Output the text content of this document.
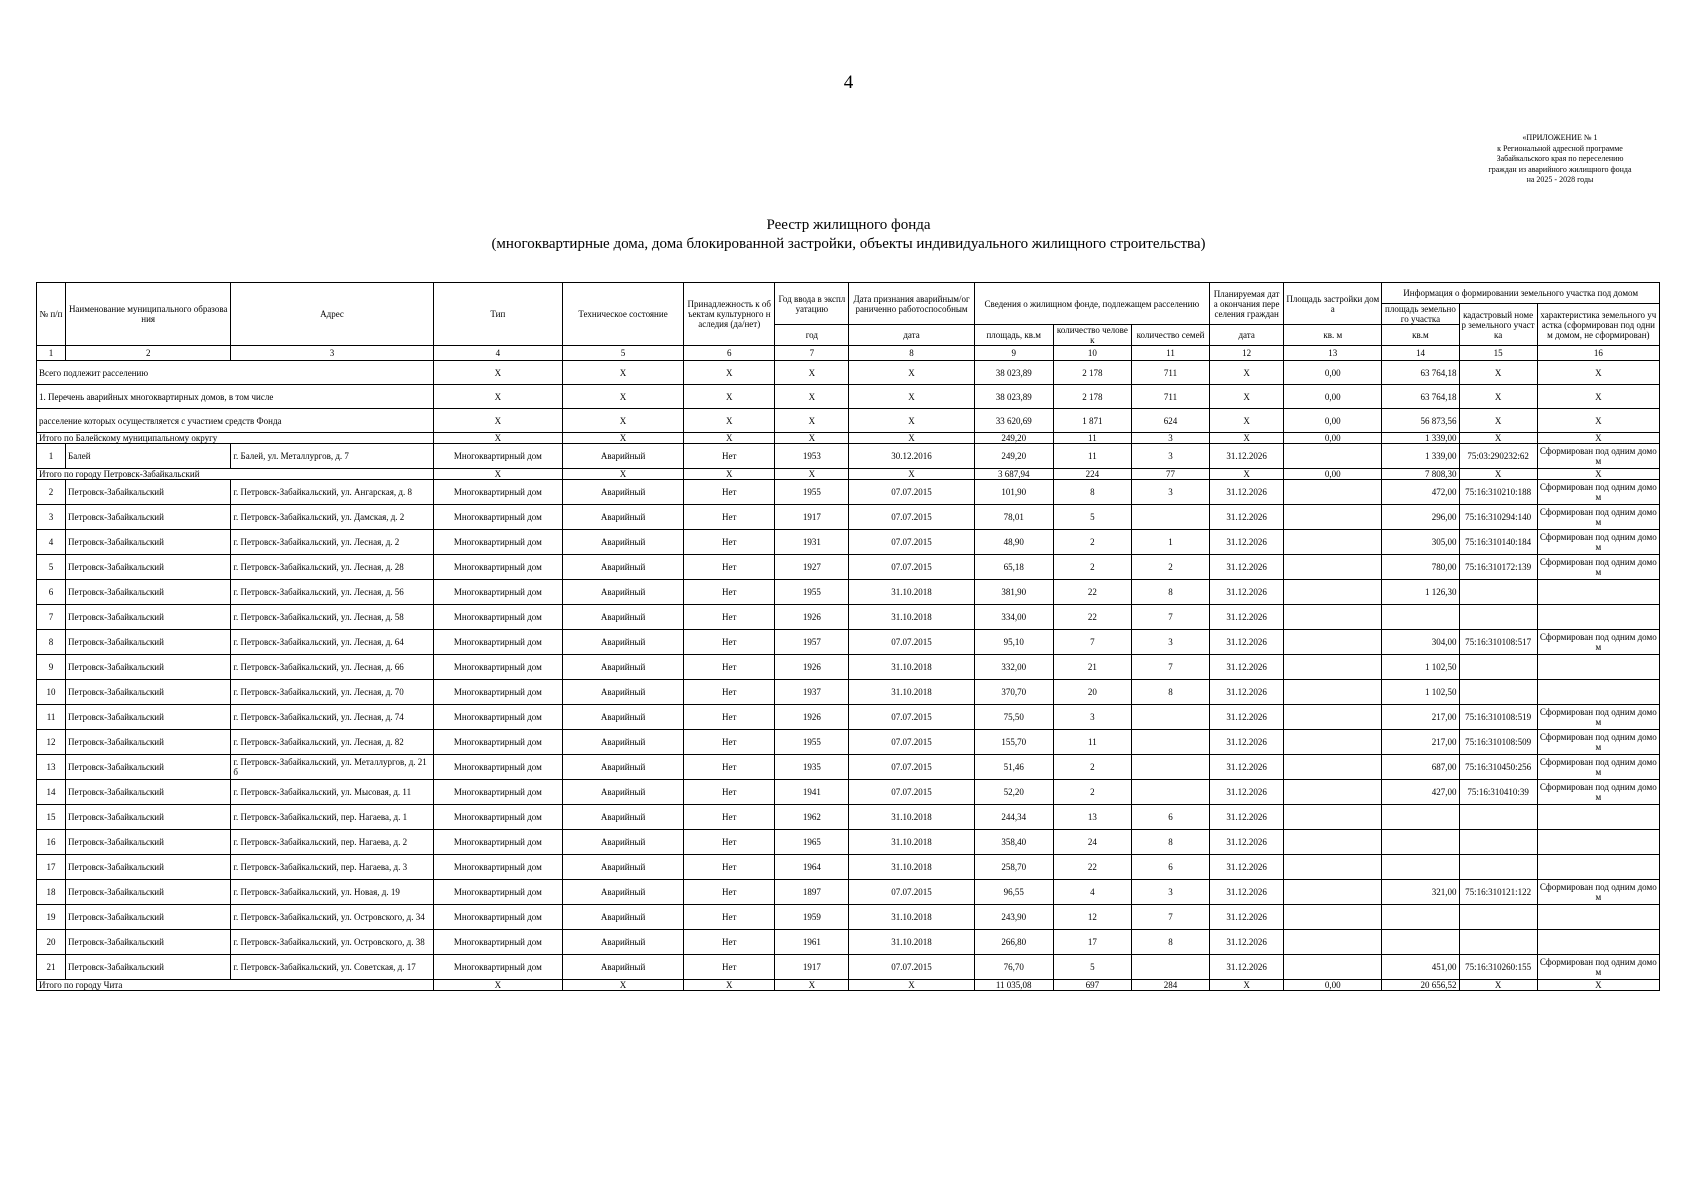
4
«ПРИЛОЖЕНИЕ № 1
к Региональной адресной программе
Забайкальского края по переселению
граждан из аварийного жилищного фонда
на 2025 - 2028 годы
Реестр жилищного фонда
(многоквартирные дома, дома блокированной застройки, объекты индивидуального жилищного строительства)
№ п/п	Наименование муниципального образования	Адрес	Тип	Техническое состояние	Принадлежность к объектам культурного наследия (да/нет)	Год ввода в эксплуатацию	Дата признания аварийным/ограниченно работоспособным	Сведения о жилищном фонде, подлежащем расселению			Планируемая дата окончания переселения граждан	Площадь застройки дома	Информация о формировании земельного участка под домом		
													площадь земельного участка	кадастровый номер земельного участка	характеристика земельного участка (сформирован под одним домом, не сформирован)
						год	дата	площадь, кв.м	количество человек	количество семей	дата	кв. м	кв.м		
1	2	3	4	5	6	7	8	9	10	11	12	13	14	15	16
Всего подлежит расселению			X	X	X	X	X	38 023,89	2 178	711	X	0,00	63 764,18	X	X
1. Перечень аварийных многоквартирных домов, в том числе			X	X	X	X	X	38 023,89	2 178	711	X	0,00	63 764,18	X	X
расселение которых осуществляется с участием средств Фонда			X	X	X	X	X	33 620,69	1 871	624	X	0,00	56 873,56	X	X
Итого по Балейскому муниципальному округу			X	X	X	X	X	249,20	11	3	X	0,00	1 339,00	X	X
1	Балей	г. Балей, ул. Металлургов, д. 7	Многоквартирный дом	Аварийный	Нет	1953	30.12.2016	249,20	11	3	31.12.2026		1 339,00	75:03:290232:62	Сформирован под одним домом
Итого по городу Петровск-Забайкальский			X	X	X	X	X	3 687,94	224	77	X	0,00	7 808,30	X	X
2	Петровск-Забайкальский	г. Петровск-Забайкальский, ул. Ангарская, д. 8	Многоквартирный дом	Аварийный	Нет	1955	07.07.2015	101,90	8	3	31.12.2026		472,00	75:16:310210:188	Сформирован под одним домом
3	Петровск-Забайкальский	г. Петровск-Забайкальский, ул. Дамская, д. 2	Многоквартирный дом	Аварийный	Нет	1917	07.07.2015	78,01	5		31.12.2026		296,00	75:16:310294:140	Сформирован под одним домом
4	Петровск-Забайкальский	г. Петровск-Забайкальский, ул. Лесная, д. 2	Многоквартирный дом	Аварийный	Нет	1931	07.07.2015	48,90	2	1	31.12.2026		305,00	75:16:310140:184	Сформирован под одним домом
5	Петровск-Забайкальский	г. Петровск-Забайкальский, ул. Лесная, д. 28	Многоквартирный дом	Аварийный	Нет	1927	07.07.2015	65,18	2	2	31.12.2026		780,00	75:16:310172:139	Сформирован под одним домом
6	Петровск-Забайкальский	г. Петровск-Забайкальский, ул. Лесная, д. 56	Многоквартирный дом	Аварийный	Нет	1955	31.10.2018	381,90	22	8	31.12.2026		1 126,30		
7	Петровск-Забайкальский	г. Петровск-Забайкальский, ул. Лесная, д. 58	Многоквартирный дом	Аварийный	Нет	1926	31.10.2018	334,00	22	7	31.12.2026				
8	Петровск-Забайкальский	г. Петровск-Забайкальский, ул. Лесная, д. 64	Многоквартирный дом	Аварийный	Нет	1957	07.07.2015	95,10	7	3	31.12.2026		304,00	75:16:310108:517	Сформирован под одним домом
9	Петровск-Забайкальский	г. Петровск-Забайкальский, ул. Лесная, д. 66	Многоквартирный дом	Аварийный	Нет	1926	31.10.2018	332,00	21	7	31.12.2026		1 102,50		
10	Петровск-Забайкальский	г. Петровск-Забайкальский, ул. Лесная, д. 70	Многоквартирный дом	Аварийный	Нет	1937	31.10.2018	370,70	20	8	31.12.2026		1 102,50		
11	Петровск-Забайкальский	г. Петровск-Забайкальский, ул. Лесная, д. 74	Многоквартирный дом	Аварийный	Нет	1926	07.07.2015	75,50	3		31.12.2026		217,00	75:16:310108:519	Сформирован под одним домом
12	Петровск-Забайкальский	г. Петровск-Забайкальский, ул. Лесная, д. 82	Многоквартирный дом	Аварийный	Нет	1955	07.07.2015	155,70	11		31.12.2026		217,00	75:16:310108:509	Сформирован под одним домом
13	Петровск-Забайкальский	г. Петровск-Забайкальский, ул. Металлургов, д. 21б	Многоквартирный дом	Аварийный	Нет	1935	07.07.2015	51,46	2		31.12.2026		687,00	75:16:310450:256	Сформирован под одним домом
14	Петровск-Забайкальский	г. Петровск-Забайкальский, ул. Мысовая, д. 11	Многоквартирный дом	Аварийный	Нет	1941	07.07.2015	52,20	2		31.12.2026		427,00	75:16:310410:39	Сформирован под одним домом
15	Петровск-Забайкальский	г. Петровск-Забайкальский, пер. Нагаева, д. 1	Многоквартирный дом	Аварийный	Нет	1962	31.10.2018	244,34	13	6	31.12.2026				
16	Петровск-Забайкальский	г. Петровск-Забайкальский, пер. Нагаева, д. 2	Многоквартирный дом	Аварийный	Нет	1965	31.10.2018	358,40	24	8	31.12.2026				
17	Петровск-Забайкальский	г. Петровск-Забайкальский, пер. Нагаева, д. 3	Многоквартирный дом	Аварийный	Нет	1964	31.10.2018	258,70	22	6	31.12.2026				
18	Петровск-Забайкальский	г. Петровск-Забайкальский, ул. Новая, д. 19	Многоквартирный дом	Аварийный	Нет	1897	07.07.2015	96,55	4	3	31.12.2026		321,00	75:16:310121:122	Сформирован под одним домом
19	Петровск-Забайкальский	г. Петровск-Забайкальский, ул. Островского, д. 34	Многоквартирный дом	Аварийный	Нет	1959	31.10.2018	243,90	12	7	31.12.2026				
20	Петровск-Забайкальский	г. Петровск-Забайкальский, ул. Островского, д. 38	Многоквартирный дом	Аварийный	Нет	1961	31.10.2018	266,80	17	8	31.12.2026				
21	Петровск-Забайкальский	г. Петровск-Забайкальский, ул. Советская, д. 17	Многоквартирный дом	Аварийный	Нет	1917	07.07.2015	76,70	5		31.12.2026		451,00	75:16:310260:155	Сформирован под одним домом
Итого по городу Чита			X	X	X	X	X	11 035,08	697	284	X	0,00	20 656,52	X	X
